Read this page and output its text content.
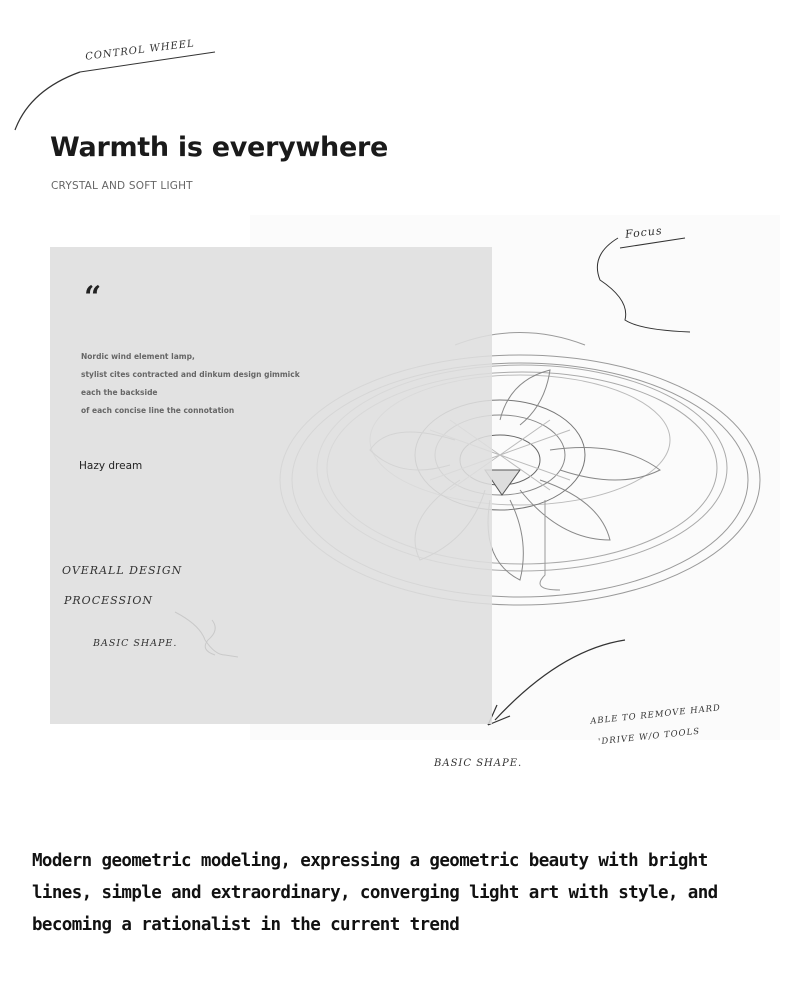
CONTROL WHEEL
Warmth is everywhere
CRYSTAL AND SOFT LIGHT
“
Nordic wind element lamp,
stylist cites contracted and dinkum design gimmick
each the backside
of each concise line the connotation
Hazy dream
Focus
OVERALL DESIGN
PROCESSION
BASIC SHAPE.
ABLE TO REMOVE HARD
'DRIVE W/O TOOLS
BASIC SHAPE.
Modern geometric modeling, expressing a geometric beauty with bright lines, simple and extraordinary, converging light art with style, and becoming a rationalist in the current trend
